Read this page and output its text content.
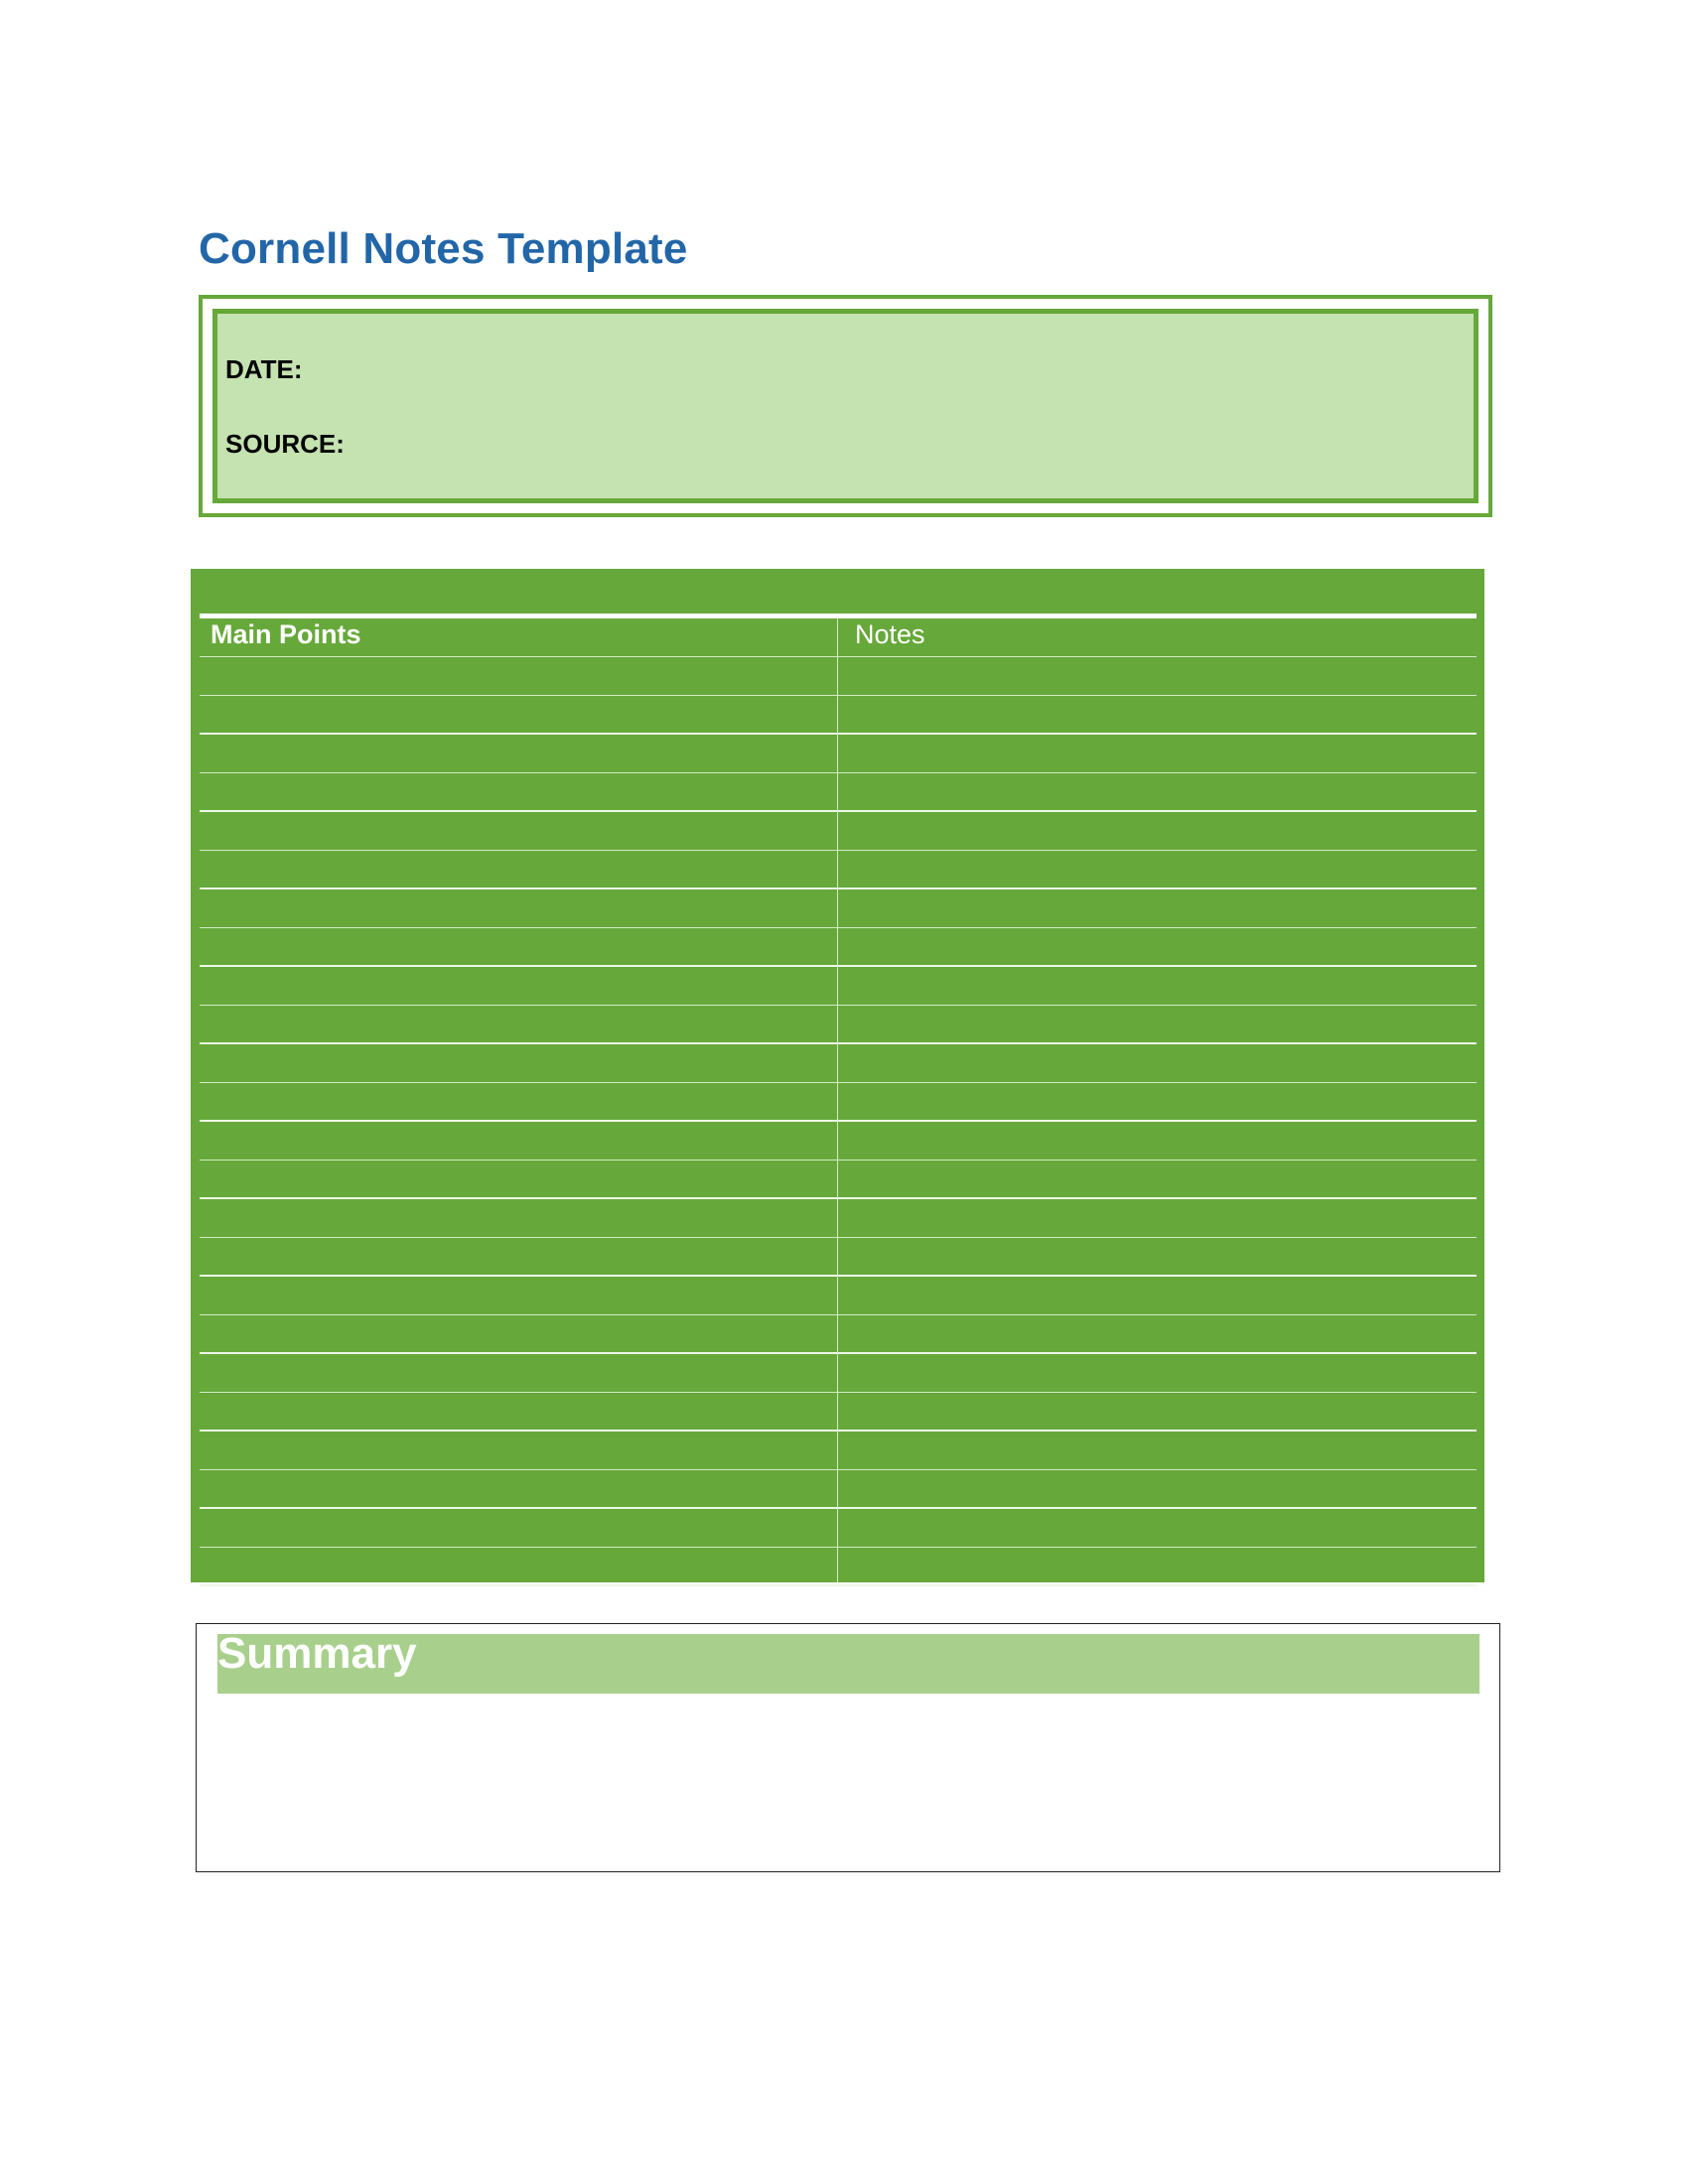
Cornell Notes Template
DATE:
SOURCE:
Main Points	Notes
Summary
